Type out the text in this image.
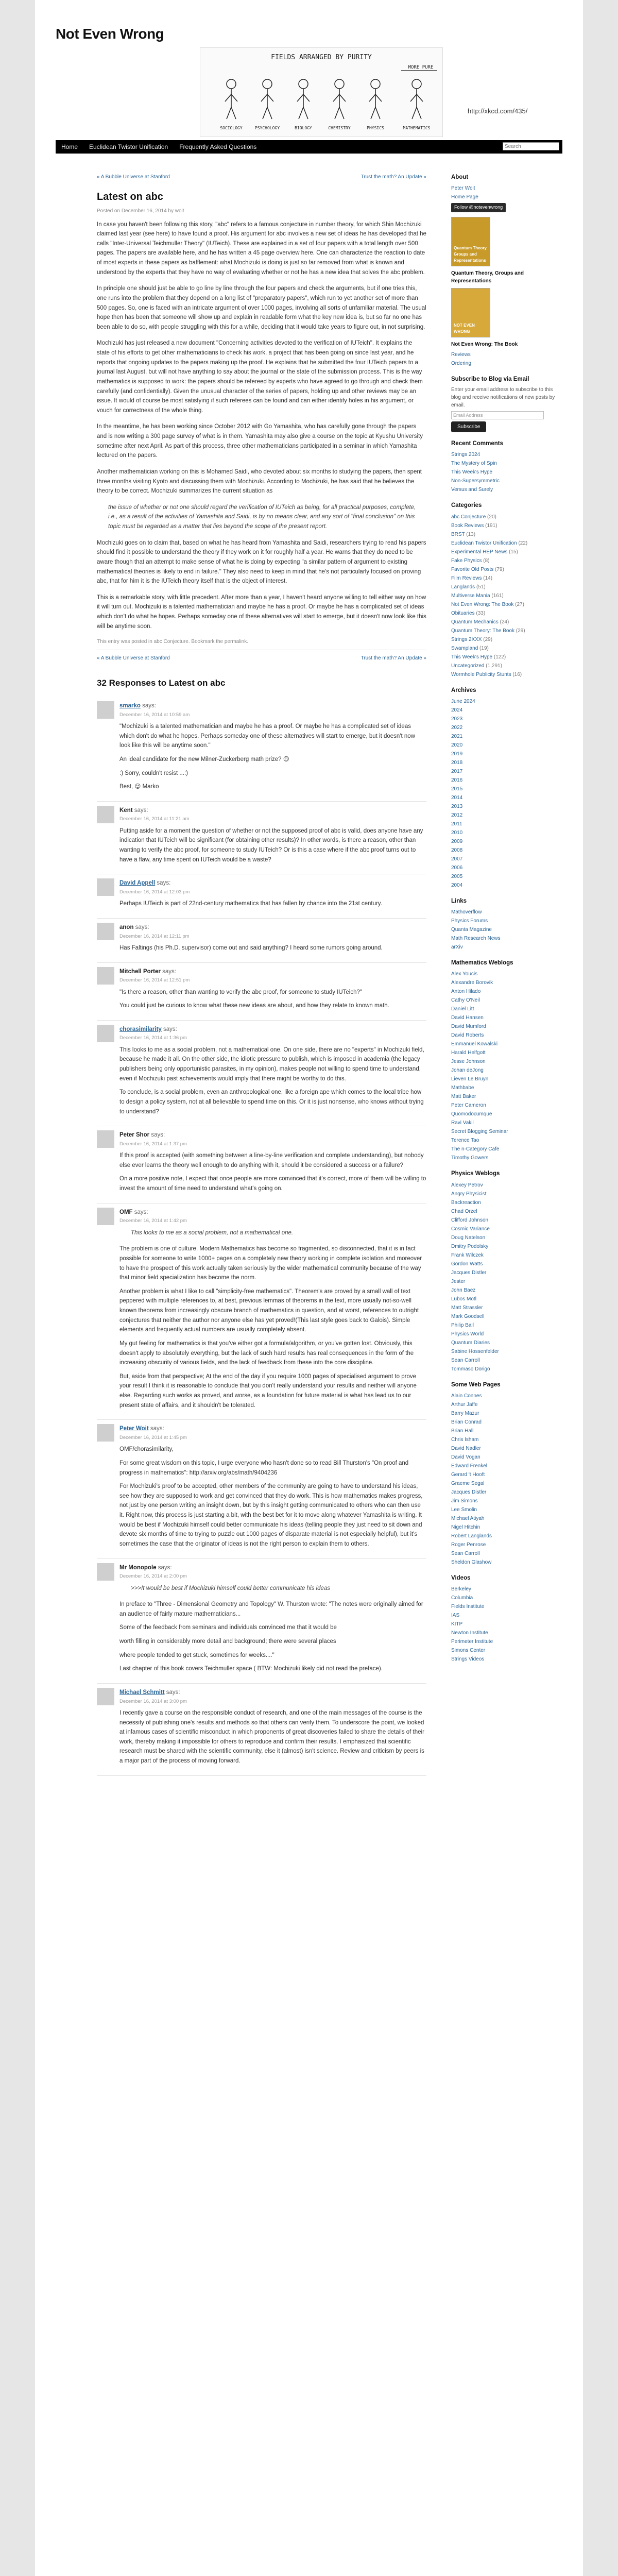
Not Even Wrong
FIELDS ARRANGED BY PURITY
MORE PURE
SOCIOLOGY	PSYCHOLOGY	BIOLOGY	CHEMISTRY	PHYSICS	MATHEMATICS
http://xkcd.com/435/
Home	Euclidean Twistor Unification	Frequently Asked Questions
Search
« A Bubble Universe at Stanford	Trust the math? An Update »
Latest on abc
Posted on December 16, 2014 by woit

In case you haven't been following this story, "abc" refers to a famous conjecture in number theory, for which Shin Mochizuki claimed last year (see here) to have found a proof. His argument for abc involves a new set of ideas he has developed that he calls "Inter-Universal Teichmuller Theory" (IUTeich). These are explained in a set of four papers with a total length over 500 pages. The papers are available here, and he has written a 45 page overview here. One can characterize the reaction to date of most experts in these papers as bafflement: what Mochizuki is doing is just so far removed from what is known and understood by the experts that they have no way of evaluating whether or not he has a new idea that solves the abc problem.

In principle one should just be able to go line by line through the four papers and check the arguments, but if one tries this, one runs into the problem that they depend on a long list of "preparatory papers", which run to yet another set of more than 500 pages. So, one is faced with an intricate argument of over 1000 pages, involving all sorts of unfamiliar material. The usual hope then has been that someone will show up and explain in readable form what the key new idea is, but so far no one has been able to do so, with people struggling with this for a while, deciding that it would take years to figure out, in not surprising.

Mochizuki has just released a new document "Concerning activities devoted to the verification of IUTeich". It explains the state of his efforts to get other mathematicians to check his work, a project that has been going on since last year, and he reports that ongoing updates to the papers making up the proof. He explains that he submitted the four IUTeich papers to a journal last August, but will not have anything to say about the journal or the state of the submission process. This is the way mathematics is supposed to work: the papers should be refereed by experts who have agreed to go through and check them carefully (and confidentially). Given the unusual character of the series of papers, holding up and other reviews may be an issue. It would of course be most satisfying if such referees can be found and can either identify holes in his argument, or vouch for correctness of the whole thing.

In the meantime, he has been working since October 2012 with Go Yamashita, who has carefully gone through the papers and is now writing a 300 page survey of what is in them. Yamashita may also give a course on the topic at Kyushu University sometime after next April. As part of this process, three other mathematicians participated in a seminar in which Yamashita lectured on the papers.

Another mathematician working on this is Mohamed Saidi, who devoted about six months to studying the papers, then spent three months visiting Kyoto and discussing them with Mochizuki. According to Mochizuki, he has said that he believes the theory to be correct. Mochizuki summarizes the current situation as

the issue of whether or not one should regard the verification of IUTeich as being, for all practical purposes, complete, i.e., as a result of the activities of Yamashita and Saidi, is by no means clear, and any sort of "final conclusion" on this topic must be regarded as a matter that lies beyond the scope of the present report.

Mochizuki goes on to claim that, based on what he has heard from Yamashita and Saidi, researchers trying to read his papers should find it possible to understand the theory if they work on it for roughly half a year. He warns that they do need to be aware though that an attempt to make sense of what he is doing by expecting "a similar pattern of argument to existing mathematical theories is likely to end in failure." They also need to keep in mind that he's not particularly focused on proving abc, that for him it is the IUTeich theory itself that is the object of interest.

This is a remarkable story, with little precedent. After more than a year, I haven't heard anyone willing to tell either way on how it will turn out. Mochizuki is a talented mathematician and maybe he has a proof. Or maybe he has a complicated set of ideas which don't do what he hopes. Perhaps someday one of these alternatives will start to emerge, but it doesn't now look like this will be anytime soon.

This entry was posted in abc Conjecture. Bookmark the permalink.
« A Bubble Universe at Stanford	Trust the math? An Update »
32 Responses to Latest on abc
smarko says:
December 16, 2014 at 10:59 am

"Mochizuki is a talented mathematician and maybe he has a proof. Or maybe he has a complicated set of ideas which don't do what he hopes. Perhaps someday one of these alternatives will start to emerge, but it doesn't now look like this will be anytime soon."

An ideal candidate for the new Milner-Zuckerberg math prize? 😉

:) Sorry, couldn't resist ...:)

Best, 😉 Marko

Kent says:
December 16, 2014 at 11:21 am

Putting aside for a moment the question of whether or not the supposed proof of abc is valid, does anyone have any indication that IUTeich will be significant (for obtaining other results)? In other words, is there a reason, other than wanting to verify the abc proof, for someone to study IUTeich? Or is this a case where if the abc proof turns out to have a flaw, any time spent on IUTeich would be a waste?

David Appell says:
December 16, 2014 at 12:03 pm

Perhaps IUTeich is part of 22nd-century mathematics that has fallen by chance into the 21st century.

anon says:
December 16, 2014 at 12:11 pm

Has Faltings (his Ph.D. supervisor) come out and said anything? I heard some rumors going around.

Mitchell Porter says:
December 16, 2014 at 12:51 pm

"Is there a reason, other than wanting to verify the abc proof, for someone to study IUTeich?"

You could just be curious to know what these new ideas are about, and how they relate to known math.

chorasimilarity says:
December 16, 2014 at 1:36 pm

This looks to me as a social problem, not a mathematical one. On one side, there are no "experts" in Mochizuki field, because he made it all. On the other side, the idiotic pressure to publish, which is imposed in academia (the legacy publishers being only opportunistic parasites, in my opinion), makes people not willing to spend time to understand, even if Mochizuki past achievements would imply that there might be worthy to do this.

To conclude, is a social problem, even an anthropological one, like a foreign ape which comes to the local tribe how to design a policy system, not at all believable to spend time on this. Or it is just nonsense, who knows without trying to understand?

Peter Shor says:
December 16, 2014 at 1:37 pm

If this proof is accepted (with something between a line-by-line verification and complete understanding), but nobody else ever learns the theory well enough to do anything with it, should it be considered a success or a failure?

On a more positive note, I expect that once people are more convinced that it's correct, more of them will be willing to invest the amount of time need to understand what's going on.

OMF says:
December 16, 2014 at 1:42 pm
This looks to me as a social problem, not a mathematical one.

The problem is one of culture. Modern Mathematics has become so fragmented, so disconnected, that it is in fact possible for someone to write 1000+ pages on a completely new theory working in complete isolation and moreover to have the prospect of this work actually taken seriously by the wider mathematical community because of the way that minor field specialization has become the norm.

Another problem is what I like to call "simplicity-free mathematics". Theorem's are proved by a small wall of text peppered with multiple references to, at best, previous lemmas of theorems in the text, more usually not-so-well known theorems from increasingly obscure branch of mathematics in question, and at worst, references to outright conjectures that neither the author nor anyone else has yet proved!(This last style goes back to Galois). Simple elements and frequently actual numbers are usually completely absent.

My gut feeling for mathematics is that you've either got a formula/algorithm, or you've gotten lost. Obviously, this doesn't apply to absolutely everything, but the lack of such hard results has real consequences in the form of the increasing obscurity of various fields, and the lack of feedback from these into the core discipline.

But, aside from that perspective; At the end of the day if you require 1000 pages of specialised argument to prove your result I think it is reasonable to conclude that you don't really understand your results and neither will anyone else. Regarding such works as proved, and worse, as a foundation for future material is what has lead us to our present state of affairs, and it shouldn't be tolerated.

Peter Woit says:
December 16, 2014 at 1:45 pm

OMF/chorasimilarity,

For some great wisdom on this topic, I urge everyone who hasn't done so to read Bill Thurston's "On proof and progress in mathematics": http://arxiv.org/abs/math/9404236

For Mochizuki's proof to be accepted, other members of the community are going to have to understand his ideas, see how they are supposed to work and get convinced that they do work. This is how mathematics makes progress, not just by one person writing an insight down, but by this insight getting communicated to others who can then use it. Right now, this process is just starting a bit, with the best bet for it to move along whatever Yamashita is writing. It would be best if Mochizuki himself could better communicate his ideas (telling people they just need to sit down and devote six months of time to trying to puzzle out 1000 pages of disparate material is not especially helpful), but it's sometimes the case that the originator of ideas is not the right person to explain them to others.

Mr Monopole says:
December 16, 2014 at 2:00 pm
>>>It would be best if Mochizuki himself could better communicate his ideas

In preface to "Three - Dimensional Geometry and Topology" W. Thurston wrote: "The notes were originally aimed for an audience of fairly mature mathematicians...

Some of the feedback from seminars and individuals convinced me that it would be

worth filling in considerably more detail and background; there were several places

where people tended to get stuck, sometimes for weeks...."

Last chapter of this book covers Teichmuller space ( BTW: Mochizuki likely did not read the preface).

Michael Schmitt says:
December 16, 2014 at 3:00 pm

I recently gave a course on the responsible conduct of research, and one of the main messages of the course is the necessity of publishing one's results and methods so that others can verify them. To underscore the point, we looked at infamous cases of scientific misconduct in which proponents of great discoveries failed to share the details of their work, thereby making it impossible for others to reproduce and confirm their results. I emphasized that scientific research must be shared with the scientific community, else it (almost) isn't science. Review and criticism by peers is a major part of the process of moving forward.

About
Peter Woit
Home Page
Follow @notevenwrong
Quantum Theory Groups and Representations
Quantum Theory, Groups and Representations
NOT EVEN WRONG
Not Even Wrong: The Book
Reviews
Ordering
Subscribe to Blog via Email
Enter your email address to subscribe to this blog and receive notifications of new posts by email.
Email Address
Subscribe
Recent Comments
Strings 2024
The Mystery of Spin
This Week's Hype
Non-Supersymmetric
Versus and Surely
Categories
abc Conjecture (20)
Book Reviews (191)
BRST (13)
Euclidean Twistor Unification (22)
Experimental HEP News (15)
Fake Physics (8)
Favorite Old Posts (79)
Film Reviews (14)
Langlands (51)
Multiverse Mania (161)
Not Even Wrong: The Book (27)
Obituaries (33)
Quantum Mechanics (24)
Quantum Theory: The Book (29)
Strings 2XXX (29)
Swampland (19)
This Week's Hype (122)
Uncategorized (1,291)
Wormhole Publicity Stunts (16)
Archives
June 2024
2024
2023
2022
2021
2020
2019
2018
2017
2016
2015
2014
2013
2012
2011
2010
2009
2008
2007
2006
2005
2004
Links
Mathoverflow
Physics Forums
Quanta Magazine
Math Research News
arXiv
Mathematics Weblogs
Alex Youcis
Alexandre Borovik
Anton Hilado
Cathy O'Neil
Daniel Litt
David Hansen
David Mumford
David Roberts
Emmanuel Kowalski
Harald Helfgott
Jesse Johnson
Johan deJong
Lieven Le Bruyn
Mathbabe
Matt Baker
Peter Cameron
Quomodocumque
Ravi Vakil
Secret Blogging Seminar
Terence Tao
The n-Category Cafe
Timothy Gowers
Physics Weblogs
Alexey Petrov
Angry Physicist
Backreaction
Chad Orzel
Clifford Johnson
Cosmic Variance
Doug Natelson
Dmitry Podolsky
Frank Wilczek
Gordon Watts
Jacques Distler
Jester
John Baez
Lubos Motl
Matt Strassler
Mark Goodsell
Philip Ball
Physics World
Quantum Diaries
Sabine Hossenfelder
Sean Carroll
Tommaso Dorigo
Some Web Pages
Alain Connes
Arthur Jaffe
Barry Mazur
Brian Conrad
Brian Hall
Chris Isham
David Nadler
David Vogan
Edward Frenkel
Gerard 't Hooft
Graeme Segal
Jacques Distler
Jim Simons
Lee Smolin
Michael Atiyah
Nigel Hitchin
Robert Langlands
Roger Penrose
Sean Carroll
Sheldon Glashow
Videos
Berkeley
Columbia
Fields Institute
IAS
KITP
Newton Institute
Perimeter Institute
Simons Center
Strings Videos
